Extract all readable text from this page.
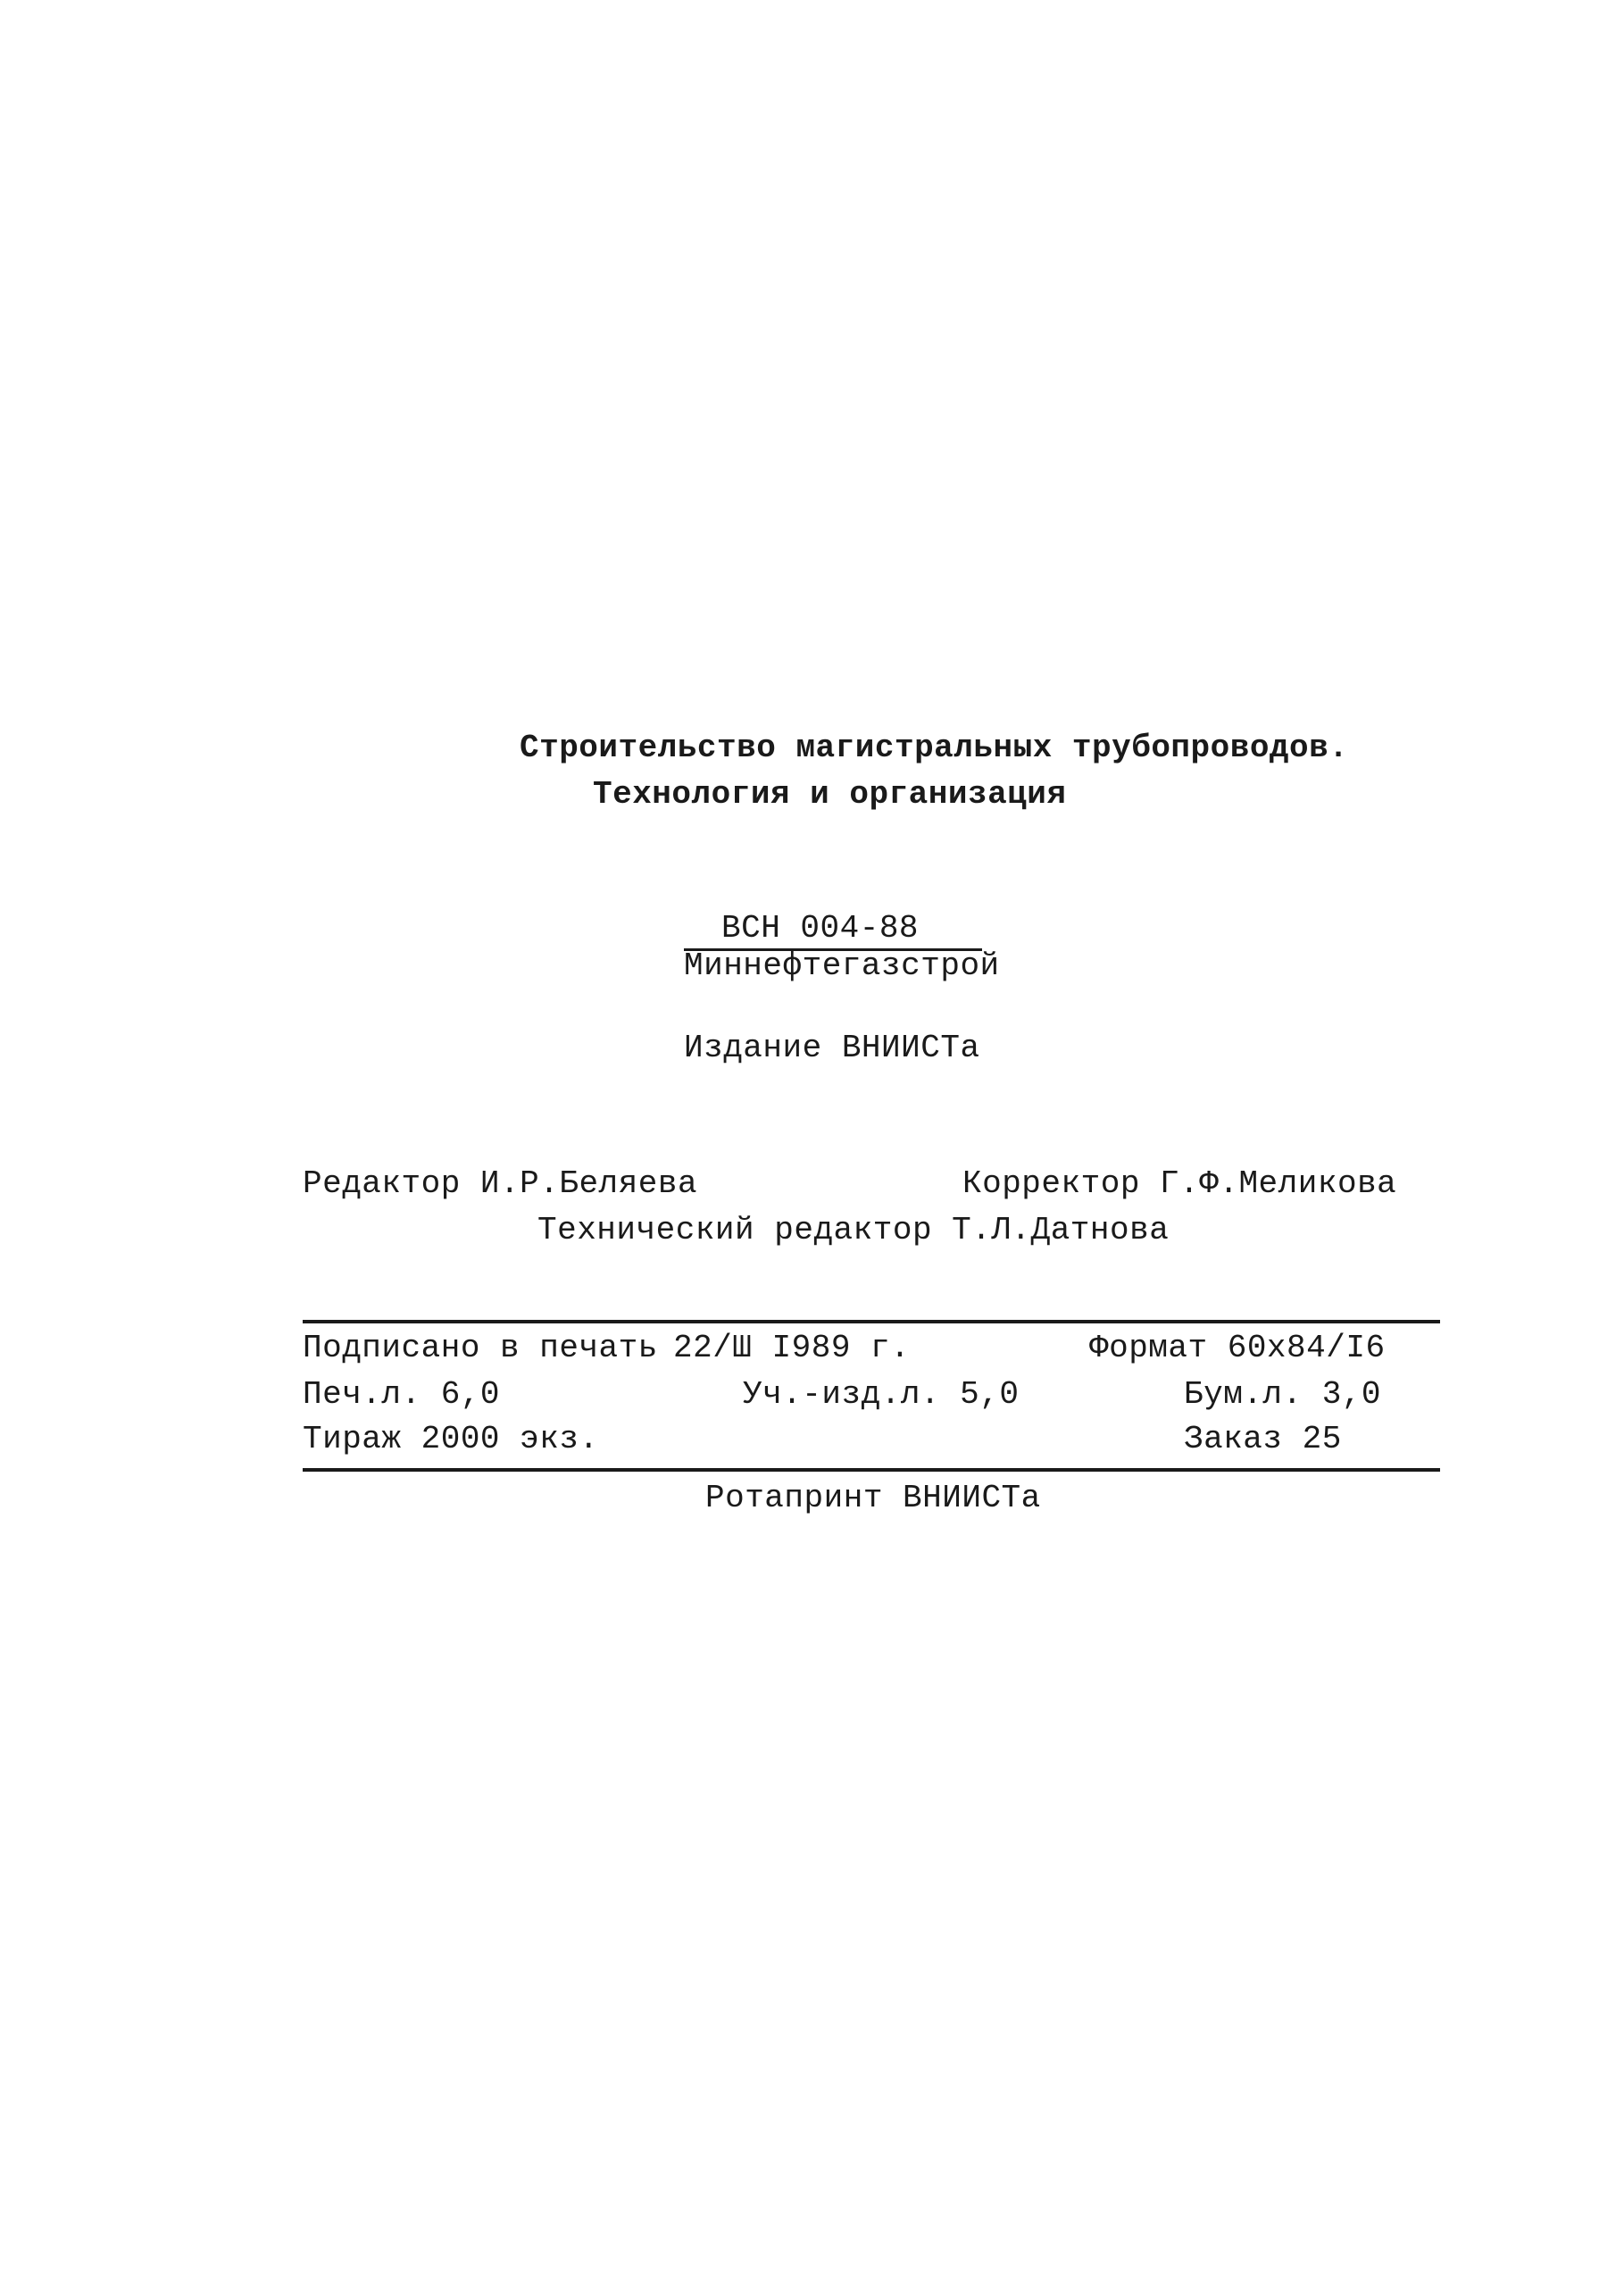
Строительство магистральных трубопроводов.
Технология и организация
ВСН 004-88
Миннефтегазстрой
Издание ВНИИСТа
Редактор И.Р.Беляева	Корректор Г.Ф.Меликова
Технический редактор Т.Л.Датнова
Подписано в печать 22/Ш I989 г.	Формат 60x84/I6
Печ.л. 6,0	Уч.-изд.л. 5,0	Бум.л. 3,0
Тираж 2000 экз.	Заказ 25
Ротапринт ВНИИСТа
